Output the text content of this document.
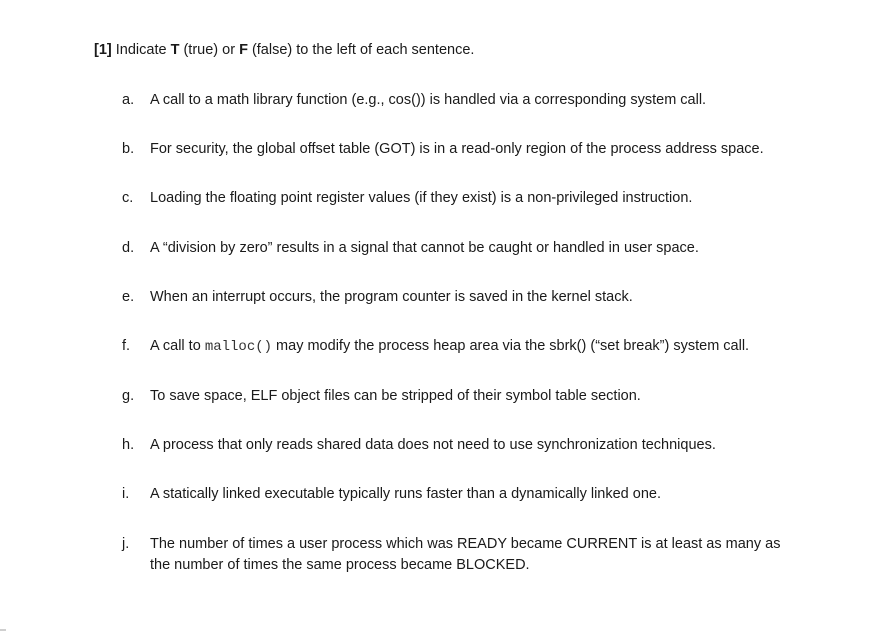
[1] Indicate T (true) or F (false) to the left of each sentence.
a.	A call to a math library function (e.g., cos()) is handled via a corresponding system call.
b.	For security, the global offset table (GOT) is in a read-only region of the process address space.
c.	Loading the floating point register values (if they exist) is a non-privileged instruction.
d.	A “division by zero” results in a signal that cannot be caught or handled in user space.
e.	When an interrupt occurs, the program counter is saved in the kernel stack.
f.	A call to malloc() may modify the process heap area via the sbrk() (“set break”) system call.
g.	To save space, ELF object files can be stripped of their symbol table section.
h.	A process that only reads shared data does not need to use synchronization techniques.
i.	A statically linked executable typically runs faster than a dynamically linked one.
j.	The number of times a user process which was READY became CURRENT is at least as many as
the number of times the same process became BLOCKED.
